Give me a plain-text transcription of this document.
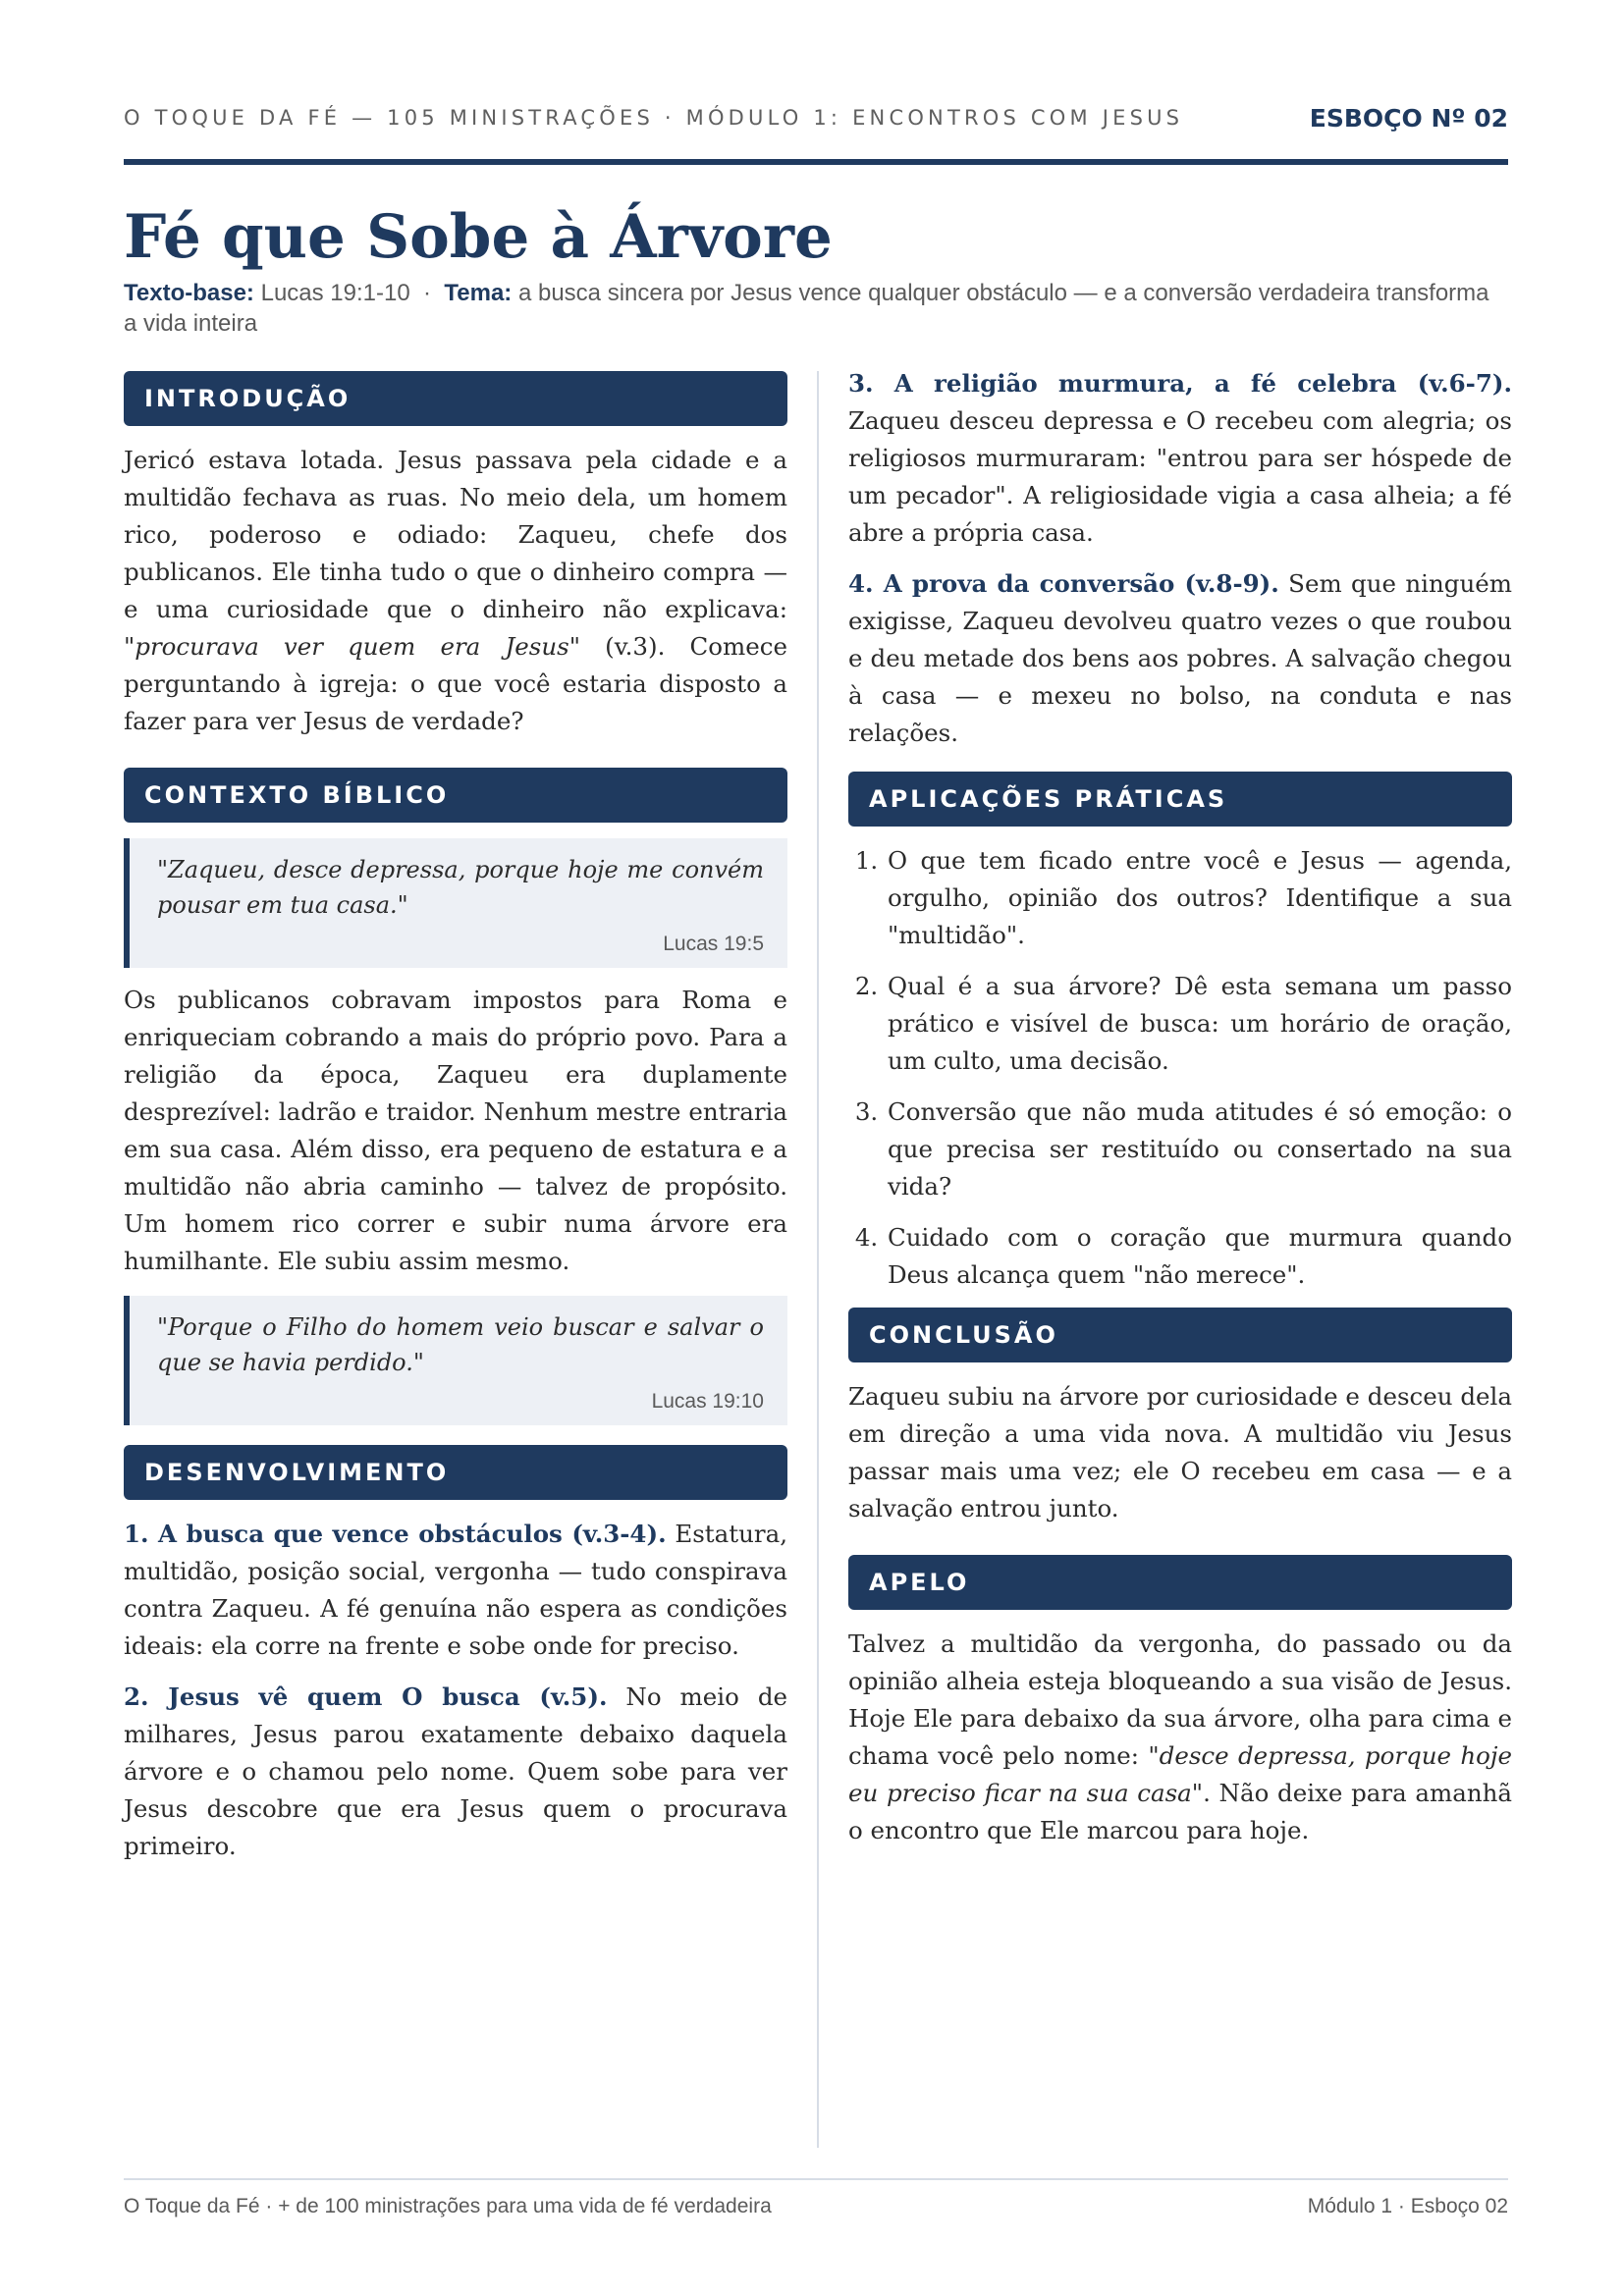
O TOQUE DA FÉ — 105 MINISTRAÇÕES · MÓDULO 1: ENCONTROS COM JESUS	ESBOÇO Nº 02
Fé que Sobe à Árvore
Texto-base: Lucas 19:1-10 · Tema: a busca sincera por Jesus vence qualquer obstáculo — e a conversão verdadeira transforma a vida inteira
INTRODUÇÃO

Jericó estava lotada. Jesus passava pela cidade e a multidão fechava as ruas. No meio dela, um homem rico, poderoso e odiado: Zaqueu, chefe dos publicanos. Ele tinha tudo o que o dinheiro compra — e uma curiosidade que o dinheiro não explicava: "procurava ver quem era Jesus" (v.3). Comece perguntando à igreja: o que você estaria disposto a fazer para ver Jesus de verdade?

CONTEXTO BÍBLICO
"Zaqueu, desce depressa, porque hoje me convém pousar em tua casa."
Lucas 19:5

Os publicanos cobravam impostos para Roma e enriqueciam cobrando a mais do próprio povo. Para a religião da época, Zaqueu era duplamente desprezível: ladrão e traidor. Nenhum mestre entraria em sua casa. Além disso, era pequeno de estatura e a multidão não abria caminho — talvez de propósito. Um homem rico correr e subir numa árvore era humilhante. Ele subiu assim mesmo.

"Porque o Filho do homem veio buscar e salvar o que se havia perdido."
Lucas 19:10
DESENVOLVIMENTO

1. A busca que vence obstáculos (v.3-4). Estatura, multidão, posição social, vergonha — tudo conspirava contra Zaqueu. A fé genuína não espera as condições ideais: ela corre na frente e sobe onde for preciso.

2. Jesus vê quem O busca (v.5). No meio de milhares, Jesus parou exatamente debaixo daquela árvore e o chamou pelo nome. Quem sobe para ver Jesus descobre que era Jesus quem o procurava primeiro.

3. A religião murmura, a fé celebra (v.6-7). Zaqueu desceu depressa e O recebeu com alegria; os religiosos murmuraram: "entrou para ser hóspede de um pecador". A religiosidade vigia a casa alheia; a fé abre a própria casa.

4. A prova da conversão (v.8-9). Sem que ninguém exigisse, Zaqueu devolveu quatro vezes o que roubou e deu metade dos bens aos pobres. A salvação chegou à casa — e mexeu no bolso, na conduta e nas relações.

APLICAÇÕES PRÁTICAS
1. O que tem ficado entre você e Jesus — agenda, orgulho, opinião dos outros? Identifique a sua "multidão".
2. Qual é a sua árvore? Dê esta semana um passo prático e visível de busca: um horário de oração, um culto, uma decisão.
3. Conversão que não muda atitudes é só emoção: o que precisa ser restituído ou consertado na sua vida?
4. Cuidado com o coração que murmura quando Deus alcança quem "não merece".
CONCLUSÃO

Zaqueu subiu na árvore por curiosidade e desceu dela em direção a uma vida nova. A multidão viu Jesus passar mais uma vez; ele O recebeu em casa — e a salvação entrou junto.

APELO

Talvez a multidão da vergonha, do passado ou da opinião alheia esteja bloqueando a sua visão de Jesus. Hoje Ele para debaixo da sua árvore, olha para cima e chama você pelo nome: "desce depressa, porque hoje eu preciso ficar na sua casa". Não deixe para amanhã o encontro que Ele marcou para hoje.

O Toque da Fé · + de 100 ministrações para uma vida de fé verdadeira	Módulo 1 · Esboço 02
